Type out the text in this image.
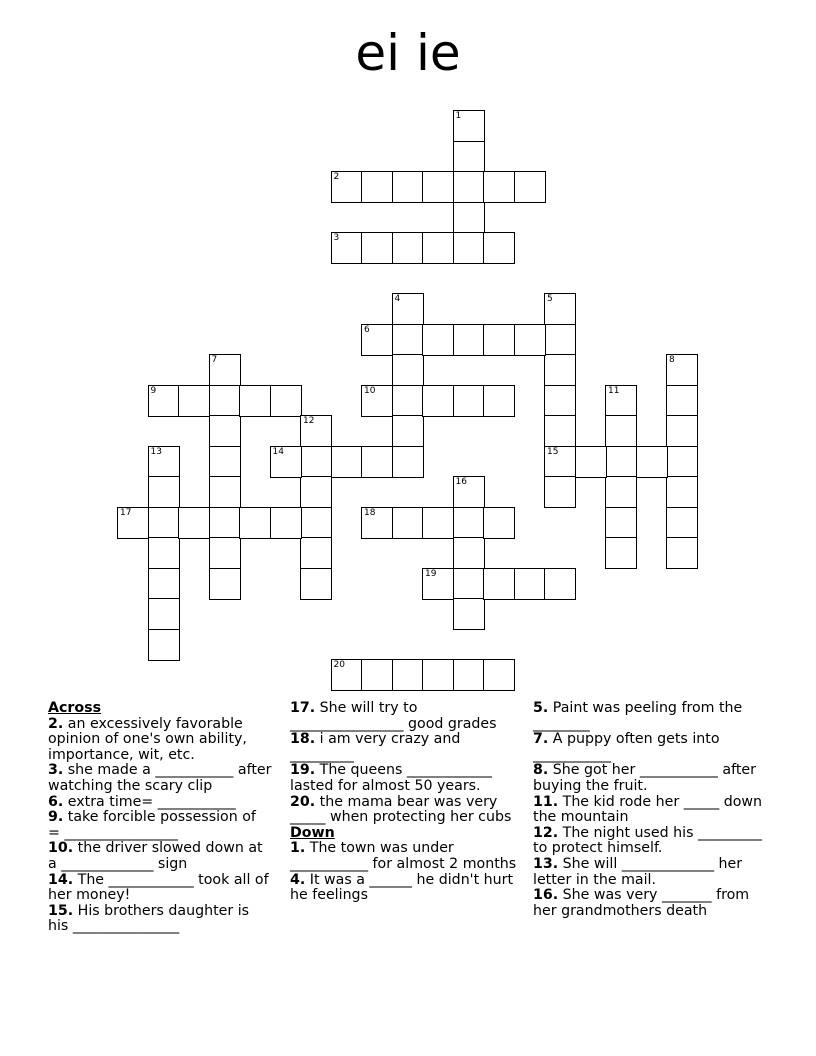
ei ie
1
2
3
4	5
15
6
7	8
9	10	11
12
13	14
16
17	18
19
20
Across
2. an excessively favorable opinion of one's own ability, importance, wit, etc.
3. she made a ___________ after watching the scary clip
6. extra time= ___________
9. take forcible possession of = ________________
10. the driver slowed down at a _____________ sign
14. The ____________ took all of her money!
15. His brothers daughter is his _______________
17. She will try to ________________ good grades
18. i am very crazy and _________
19. The queens ____________ lasted for almost 50 years.
20. the mama bear was very _____ when protecting her cubs
Down
1. The town was under ___________ for almost 2 months
4. It was a ______ he didn't hurt he feelings
5. Paint was peeling from the ________
7. A puppy often gets into ___________
8. She got her ___________ after buying the fruit.
11. The kid rode her _____ down the mountain
12. The night used his _________ to protect himself.
13. She will _____________ her letter in the mail.
16. She was very _______ from her grandmothers death
